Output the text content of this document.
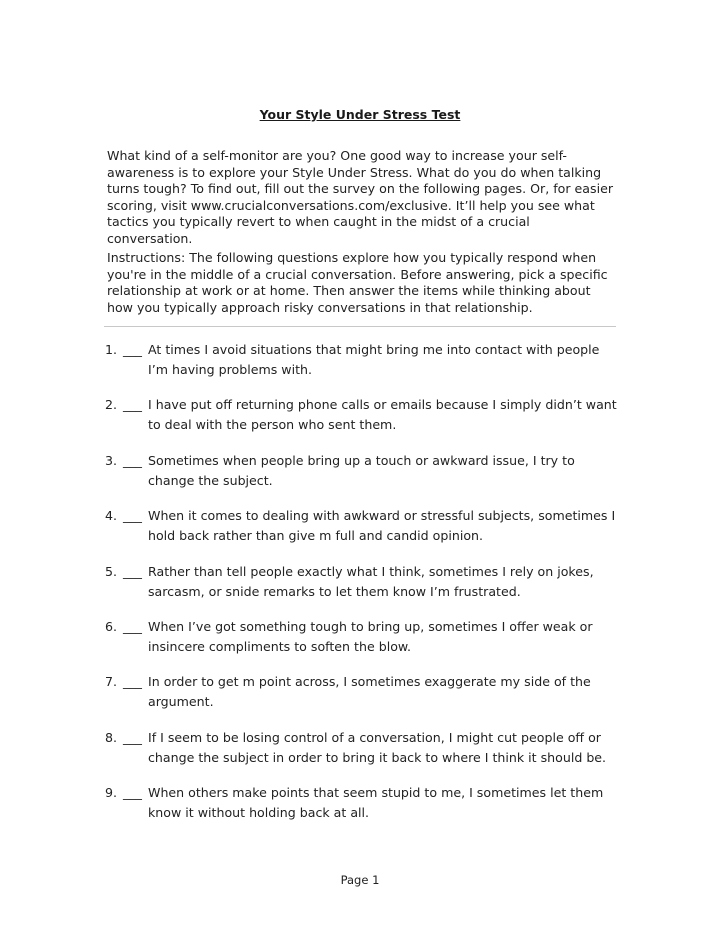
Your Style Under Stress Test
What kind of a self-monitor are you? One good way to increase your self-awareness is to explore your Style Under Stress. What do you do when talking turns tough? To find out, fill out the survey on the following pages. Or, for easier scoring, visit www.crucialconversations.com/exclusive. It’ll help you see what tactics you typically revert to when caught in the midst of a crucial conversation.
Instructions: The following questions explore how you typically respond when you're in the middle of a crucial conversation. Before answering, pick a specific relationship at work or at home. Then answer the items while thinking about how you typically approach risky conversations in that relationship.
1. ___ At times I avoid situations that might bring me into contact with people I’m having problems with.
2. ___ I have put off returning phone calls or emails because I simply didn’t want to deal with the person who sent them.
3. ___ Sometimes when people bring up a touch or awkward issue, I try to change the subject.
4. ___ When it comes to dealing with awkward or stressful subjects, sometimes I hold back rather than give m full and candid opinion.
5. ___ Rather than tell people exactly what I think, sometimes I rely on jokes, sarcasm, or snide remarks to let them know I’m frustrated.
6. ___ When I’ve got something tough to bring up, sometimes I offer weak or insincere compliments to soften the blow.
7. ___ In order to get m point across, I sometimes exaggerate my side of the argument.
8. ___ If I seem to be losing control of a conversation, I might cut people off or change the subject in order to bring it back to where I think it should be.
9. ___ When others make points that seem stupid to me, I sometimes let them know it without holding back at all.
Page 1
